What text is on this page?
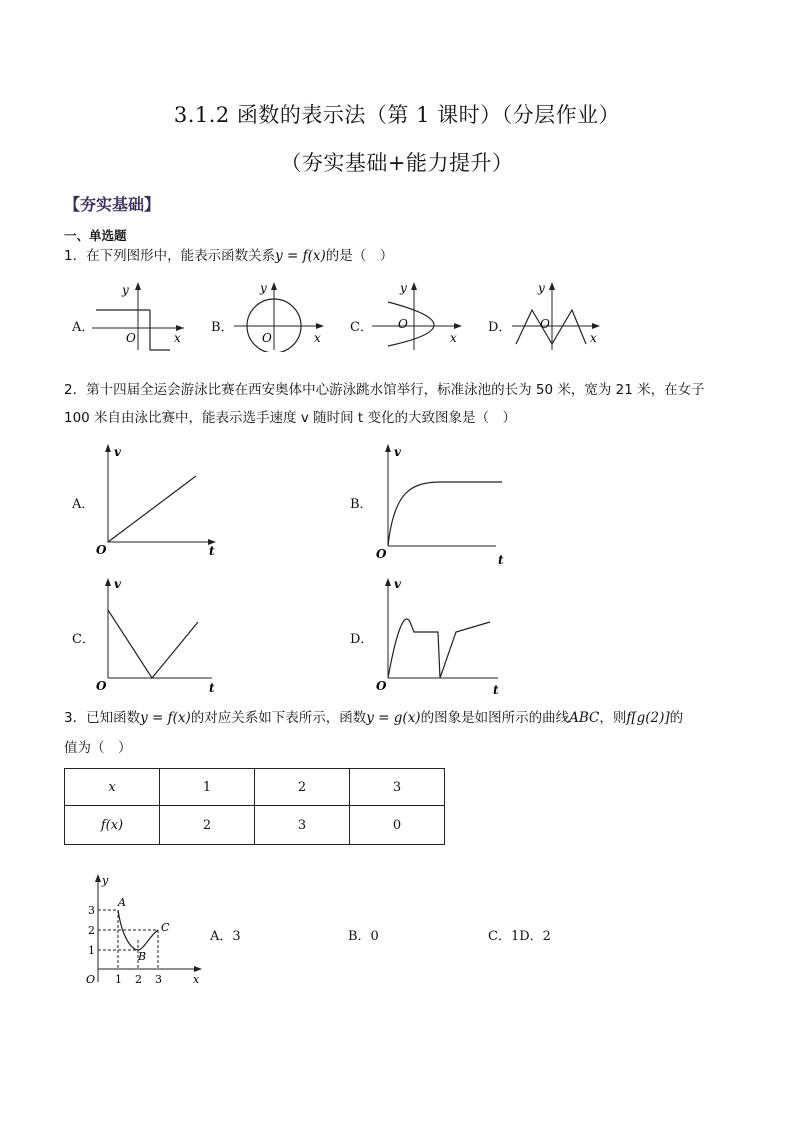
3.1.2 函数的表示法（第 1 课时）（分层作业）
（夯实基础+能力提升）
【夯实基础】
一、单选题
1．在下列图形中，能表示函数关系y = f(x)的是（　）
A．	B．	C．	D．
O	x
y
O	x
y
O
x
y
O
x
y
2．第十四届全运会游泳比赛在西安奥体中心游泳跳水馆举行，标准泳池的长为 50 米，宽为 21 米，在女子
100 米自由泳比赛中，能表示选手速度 v 随时间 t 变化的大致图象是（　）
A．	B．
C．	D．
O
v
t	O
v
t
O
v
t	O
v
t
3．已知函数y = f(x)的对应关系如下表所示，函数y = g(x)的图象是如图所示的曲线ABC，则f[g(2)]的
值为（　）
x	1	2	3
f(x)	2	3	0
O
y
x
3
2
1
1 2 3
A
B
C
A．3	B．0	C．1D．2
